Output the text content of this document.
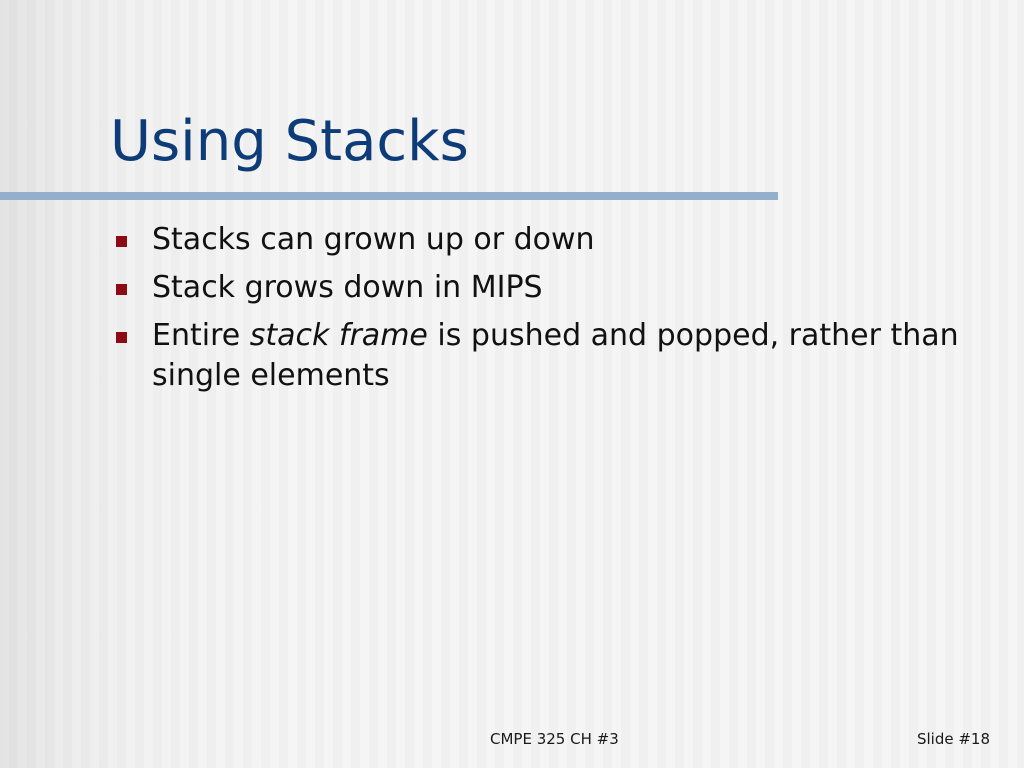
Using Stacks
Stacks can grown up or down
Stack grows down in MIPS
Entire stack frame is pushed and popped, rather than single elements
CMPE 325 CH #3	Slide #18
